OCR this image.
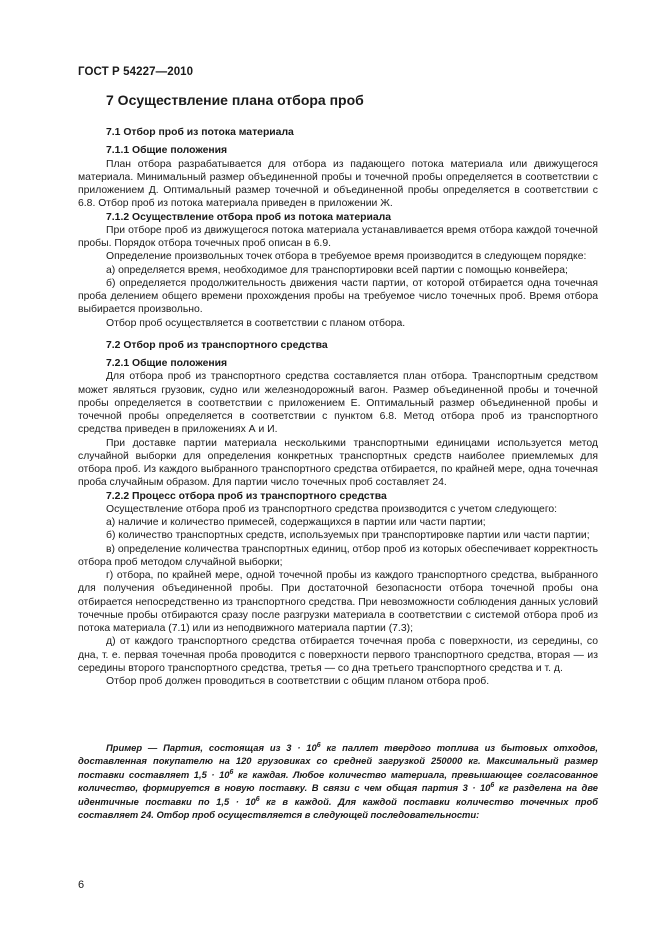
ГОСТ Р 54227—2010
7 Осуществление плана отбора проб

7.1 Отбор проб из потока материала

7.1.1 Общие положения

План отбора разрабатывается для отбора из падающего потока материала или движущегося материала. Минимальный размер объединенной пробы и точечной пробы определяется в соответствии с приложением Д. Оптимальный размер точечной и объединенной пробы определяется в соответствии с 6.8. Отбор проб из потока материала приведен в приложении Ж.

7.1.2 Осуществление отбора проб из потока материала

При отборе проб из движущегося потока материала устанавливается время отбора каждой точечной пробы. Порядок отбора точечных проб описан в 6.9.

Определение произвольных точек отбора в требуемое время производится в следующем порядке:

а) определяется время, необходимое для транспортировки всей партии с помощью конвейера;

б) определяется продолжительность движения части партии, от которой отбирается одна точечная проба делением общего времени прохождения пробы на требуемое число точечных проб. Время отбора выбирается произвольно.

Отбор проб осуществляется в соответствии с планом отбора.

7.2 Отбор проб из транспортного средства

7.2.1 Общие положения

Для отбора проб из транспортного средства составляется план отбора. Транспортным средством может являться грузовик, судно или железнодорожный вагон. Размер объединенной пробы и точечной пробы определяется в соответствии с приложением Е. Оптимальный размер объединенной пробы и точечной пробы определяется в соответствии с пунктом 6.8. Метод отбора проб из транспортного средства приведен в приложениях А и И.

При доставке партии материала несколькими транспортными единицами используется метод случайной выборки для определения конкретных транспортных средств наиболее приемлемых для отбора проб. Из каждого выбранного транспортного средства отбирается, по крайней мере, одна точечная проба случайным образом. Для партии число точечных проб составляет 24.

7.2.2 Процесс отбора проб из транспортного средства

Осуществление отбора проб из транспортного средства производится с учетом следующего:

а) наличие и количество примесей, содержащихся в партии или части партии;

б) количество транспортных средств, используемых при транспортировке партии или части партии;

в) определение количества транспортных единиц, отбор проб из которых обеспечивает корректность отбора проб методом случайной выборки;

г) отбора, по крайней мере, одной точечной пробы из каждого транспортного средства, выбранного для получения объединенной пробы. При достаточной безопасности отбора точечной пробы она отбирается непосредственно из транспортного средства. При невозможности соблюдения данных условий точечные пробы отбираются сразу после разгрузки материала в соответствии с системой отбора проб из потока материала (7.1) или из неподвижного материала партии (7.3);

д) от каждого транспортного средства отбирается точечная проба с поверхности, из середины, со дна, т. е. первая точечная проба проводится с поверхности первого транспортного средства, вторая — из середины второго транспортного средства, третья — со дна третьего транспортного средства и т. д.

Отбор проб должен проводиться в соответствии с общим планом отбора проб.

Пример — Партия, состоящая из $3 \cdot 10^6$ кг паллет твердого топлива из бытовых отходов, доставленная покупателю на 120 грузовиках со средней загрузкой 250000 кг. Максимальный размер поставки составляет $1,5 \cdot 10^6$ кг каждая. Любое количество материала, превышающее согласованное количество, формируется в новую поставку. В связи с чем общая партия $3 \cdot 10^6$ кг разделена на две идентичные поставки по $1,5 \cdot 10^6$ кг в каждой. Для каждой поставки количество точечных проб составляет 24. Отбор проб осуществляется в следующей последовательности:

6
